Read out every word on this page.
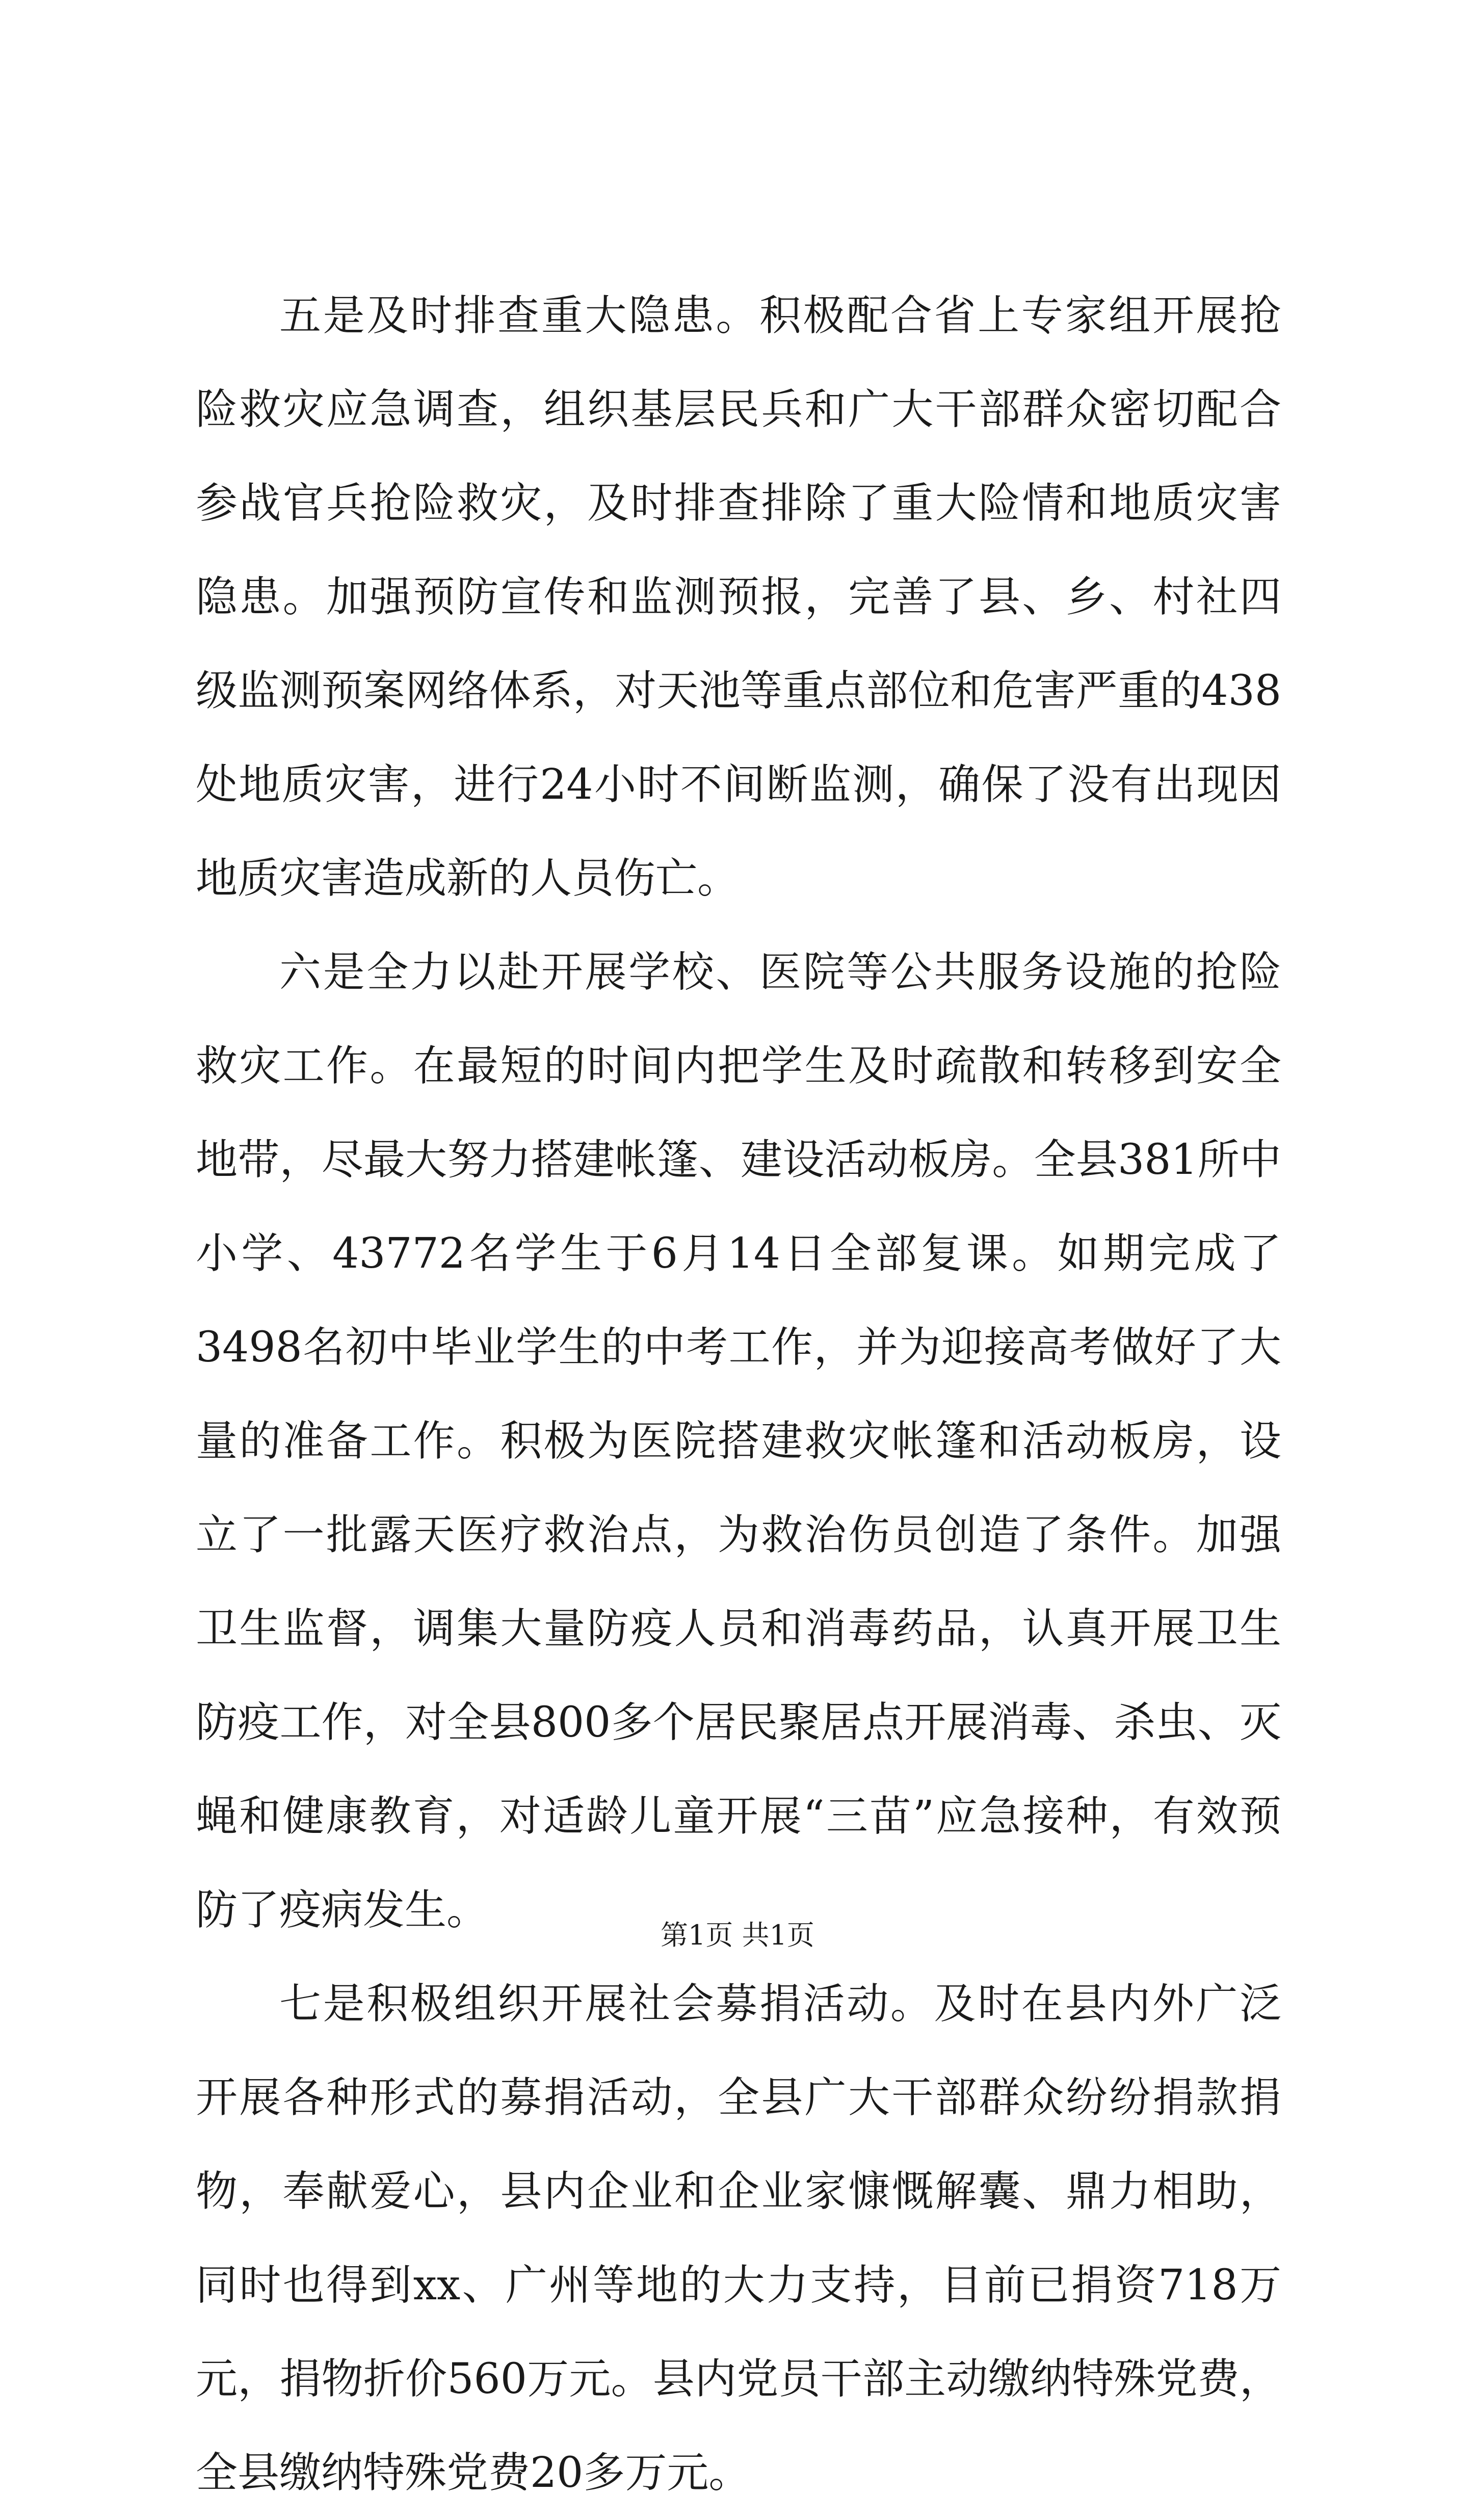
五是及时排查重大隐患。积极配合省上专家组开展抢险救灾应急调查，组织基层民兵和广大干部群众密切配合参战官兵抢险救灾，及时排查排除了重大险情和地质灾害隐患。加强预防宣传和监测预报，完善了县、乡、村社四级监测预案网络体系，对天池等重点部位和危害严重的438处地质灾害，进行24小时不间断监测，确保了没有出现因地质灾害造成新的人员伤亡。

六是全力以赴开展学校、医院等公共服务设施的抢险救灾工作。在最短的时间内把学生及时疏散和转移到安全地带，尽最大努力搭建帐篷、建设活动板房。全县381所中小学、43772名学生于6月14日全部复课。如期完成了3498名初中毕业学生的中考工作，并为迎接高考做好了大量的准备工作。积极为医院搭建救灾帐篷和活动板房，设立了一批露天医疗救治点，为救治伤员创造了条件。加强卫生监督，调集大量防疫人员和消毒药品，认真开展卫生防疫工作，对全县800多个居民聚居点开展消毒、杀虫、灭蝇和健康教育，对适龄儿童开展“三苗”应急接种，有效预防了疫病发生。

七是积极组织开展社会募捐活动。及时在县内外广泛开展各种形式的募捐活动，全县广大干部群众纷纷捐款捐物，奉献爱心，县内企业和企业家慷慨解囊、鼎力相助，同时也得到xx、广州等地的大力支持，目前已捐资718万元，捐物折价560万元。县内党员干部主动缴纳特殊党费，全县缴纳特殊党费20多万元。

第1页 共1页
